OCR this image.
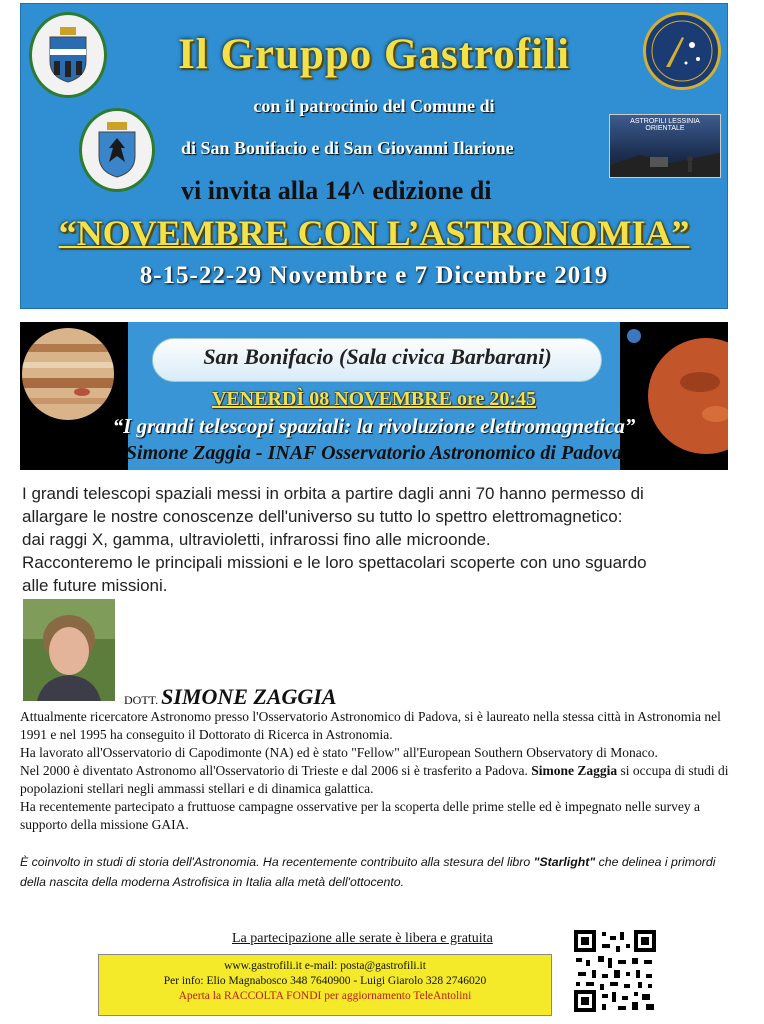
ASTROFILI LESSINIA ORIENTALE
Il Gruppo Gastrofili
con il patrocinio del Comune di
di San Bonifacio e di San Giovanni Ilarione
vi invita alla 14^ edizione di
“NOVEMBRE CON L’ASTRONOMIA”
8-15-22-29 Novembre e 7 Dicembre 2019
San Bonifacio (Sala civica Barbarani)
VENERDÌ 08 NOVEMBRE ore 20:45
“I grandi telescopi spaziali: la rivoluzione elettromagnetica”
Simone Zaggia - INAF Osservatorio Astronomico di Padova
I grandi telescopi spaziali messi in orbita a partire dagli anni 70 hanno permesso di
allargare le nostre conoscenze dell'universo su tutto lo spettro elettromagnetico:
dai raggi X, gamma, ultravioletti, infrarossi fino alle microonde.
Racconteremo le principali missioni e le loro spettacolari scoperte con uno sguardo
alle future missioni.
DOTT. SIMONE ZAGGIA
Attualmente ricercatore Astronomo presso l'Osservatorio Astronomico di Padova, si è laureato nella stessa città in Astronomia nel 1991 e nel 1995 ha conseguito il Dottorato di Ricerca in Astronomia.
Ha lavorato all'Osservatorio di Capodimonte (NA) ed è stato "Fellow" all'European Southern Observatory di Monaco.
Nel 2000 è diventato Astronomo all'Osservatorio di Trieste e dal 2006 si è trasferito a Padova. Simone Zaggia si occupa di studi di popolazioni stellari negli ammassi stellari e di dinamica galattica.
Ha recentemente partecipato a fruttuose campagne osservative per la scoperta delle prime stelle ed è impegnato nelle survey a supporto della missione GAIA.
È coinvolto in studi di storia dell'Astronomia. Ha recentemente contribuito alla stesura del libro "Starlight" che delinea i primordi della nascita della moderna Astrofisica in Italia alla metà dell'ottocento.
La partecipazione alle serate è libera e gratuita
www.gastrofili.it e-mail: posta@gastrofili.it
Per info: Elio Magnabosco 348 7640900 - Luigi Giarolo 328 2746020
Aperta la RACCOLTA FONDI per aggiornamento TeleAntolini
